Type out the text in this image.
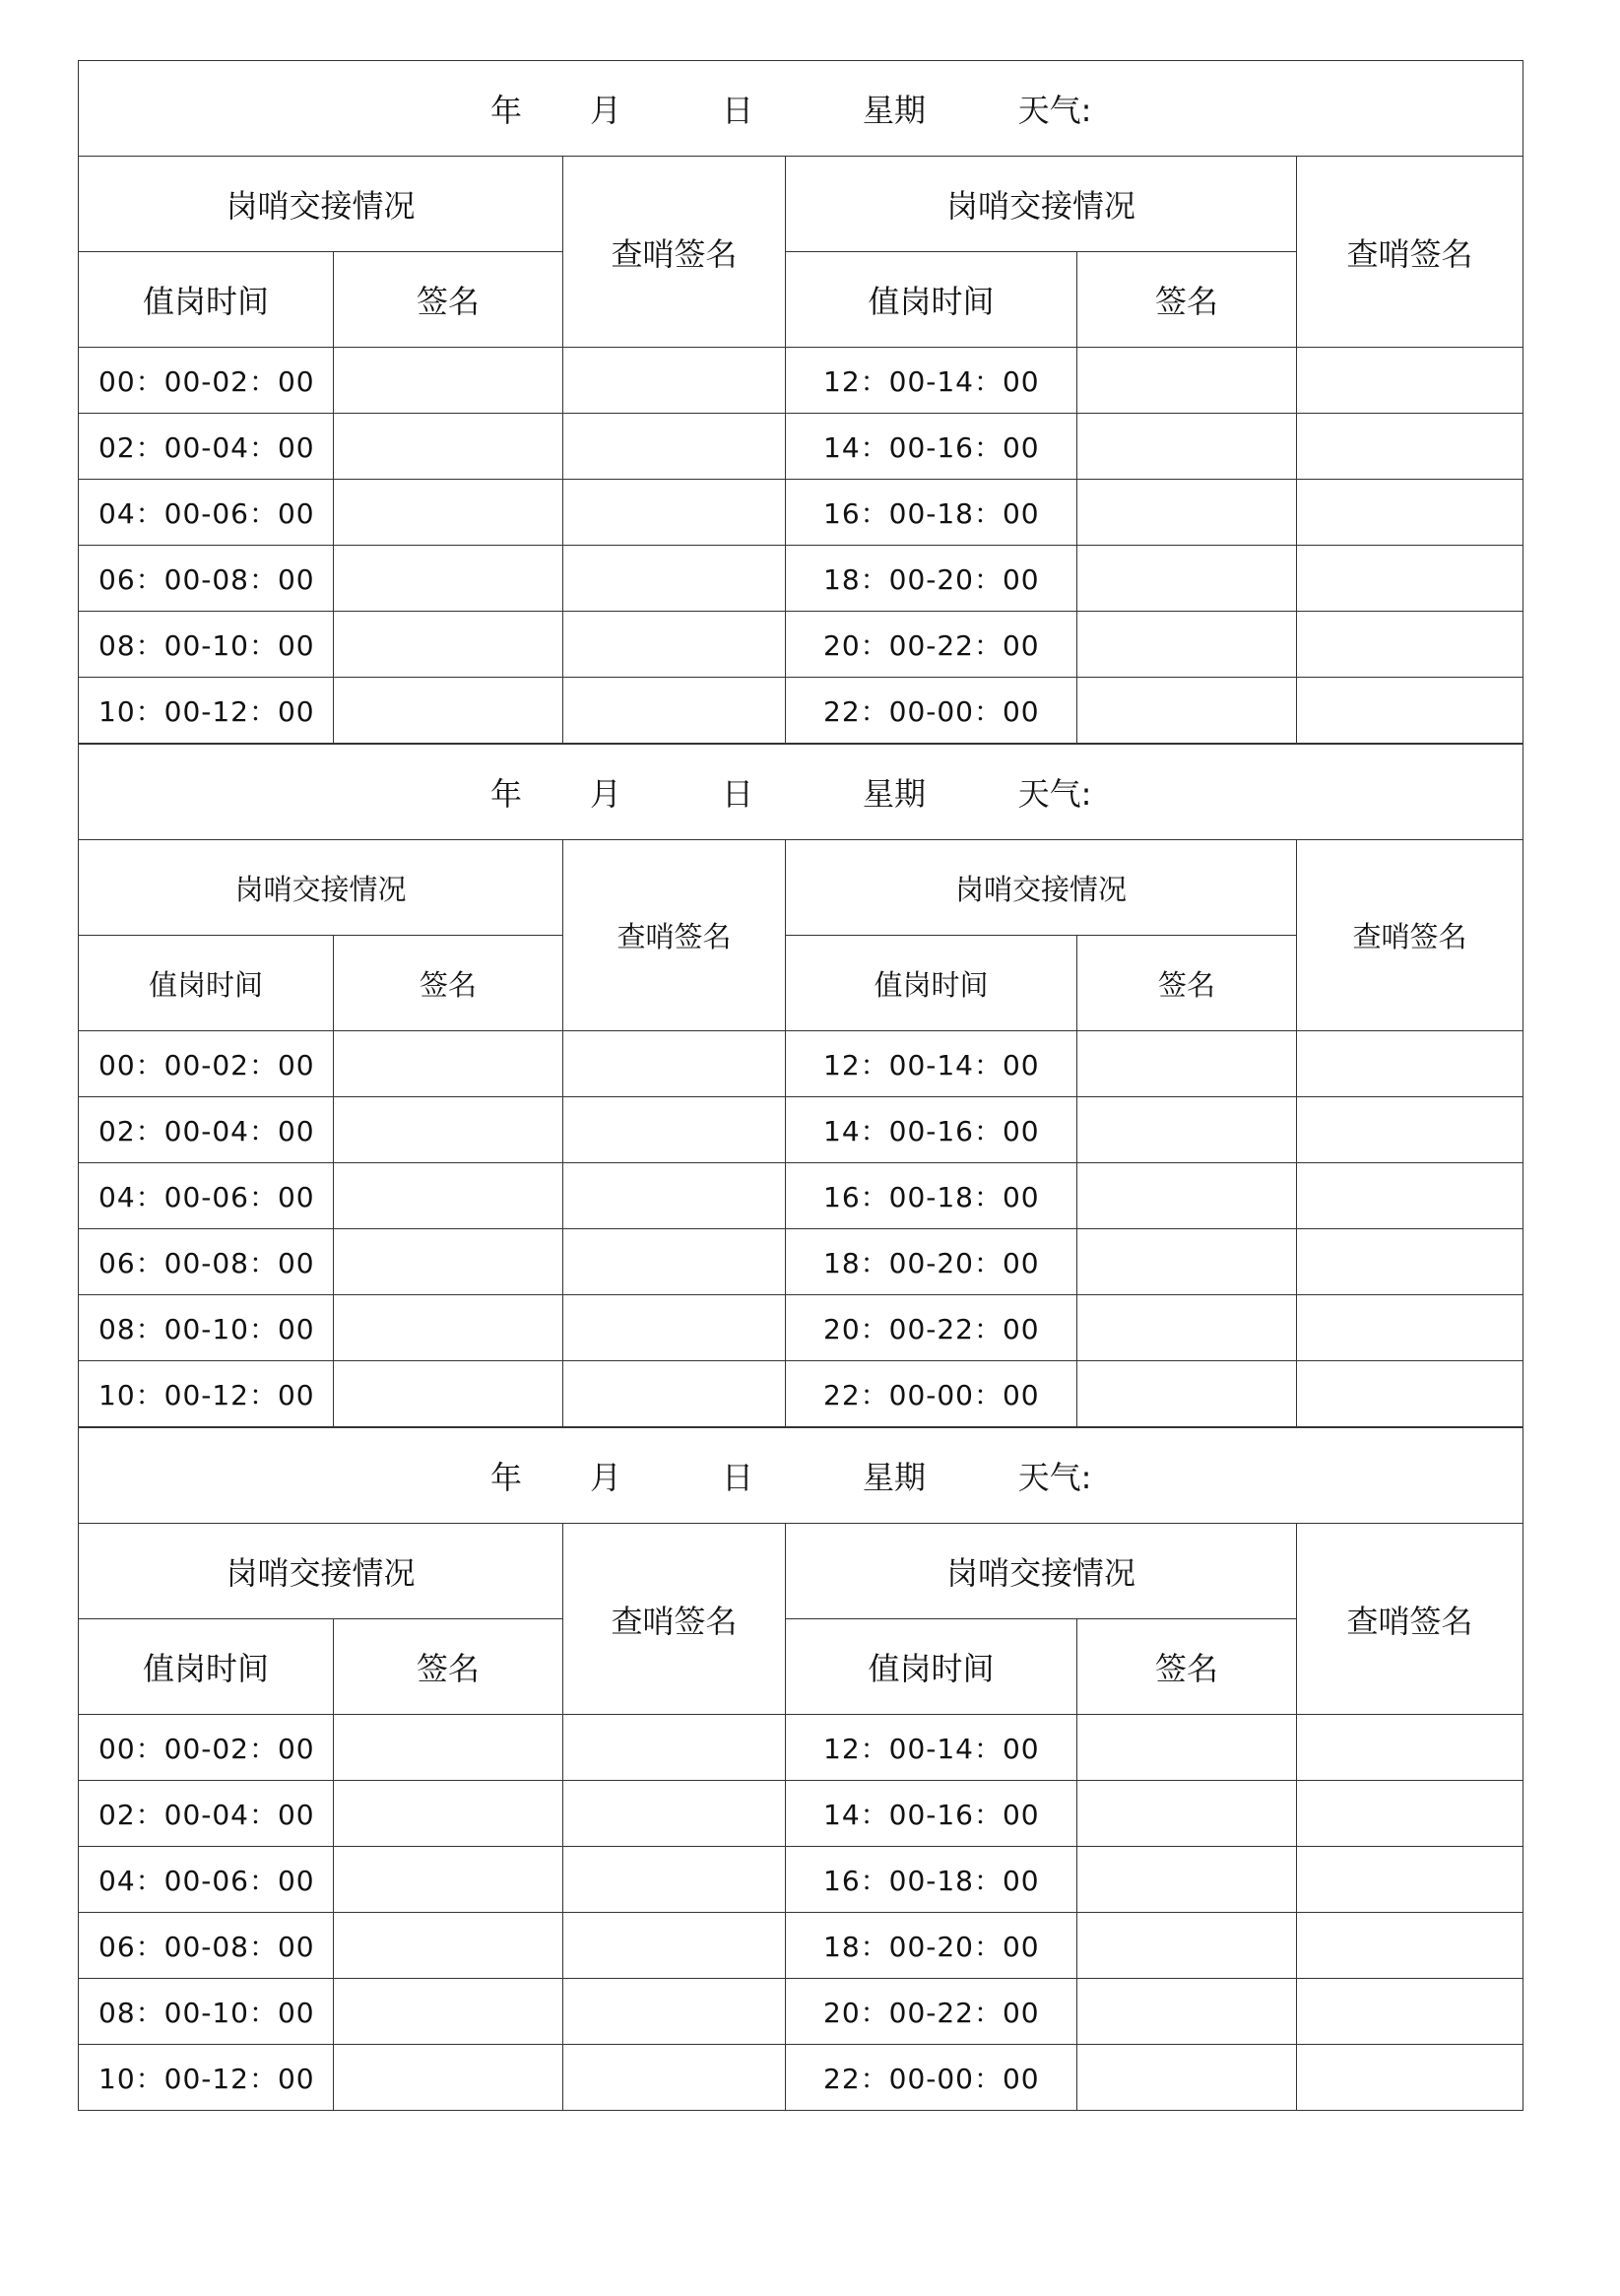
年 月 日 星期 天气:					

岗哨交接情况		查哨签名	岗哨交接情况		查哨签名
值岗时间	签名		值岗时间	签名	
00：00-02：00			12：00-14：00		
02：00-04：00			14：00-16：00		
04：00-06：00			16：00-18：00		
06：00-08：00			18：00-20：00		
08：00-10：00			20：00-22：00		
10：00-12：00			22：00-00：00		
年 月 日 星期 天气:					

岗哨交接情况		查哨签名	岗哨交接情况		查哨签名
值岗时间	签名		值岗时间	签名	
00：00-02：00			12：00-14：00		
02：00-04：00			14：00-16：00		
04：00-06：00			16：00-18：00		
06：00-08：00			18：00-20：00		
08：00-10：00			20：00-22：00		
10：00-12：00			22：00-00：00		
年 月 日 星期 天气:					

岗哨交接情况		查哨签名	岗哨交接情况		查哨签名
值岗时间	签名		值岗时间	签名	
00：00-02：00			12：00-14：00		
02：00-04：00			14：00-16：00		
04：00-06：00			16：00-18：00		
06：00-08：00			18：00-20：00		
08：00-10：00			20：00-22：00		
10：00-12：00			22：00-00：00		
